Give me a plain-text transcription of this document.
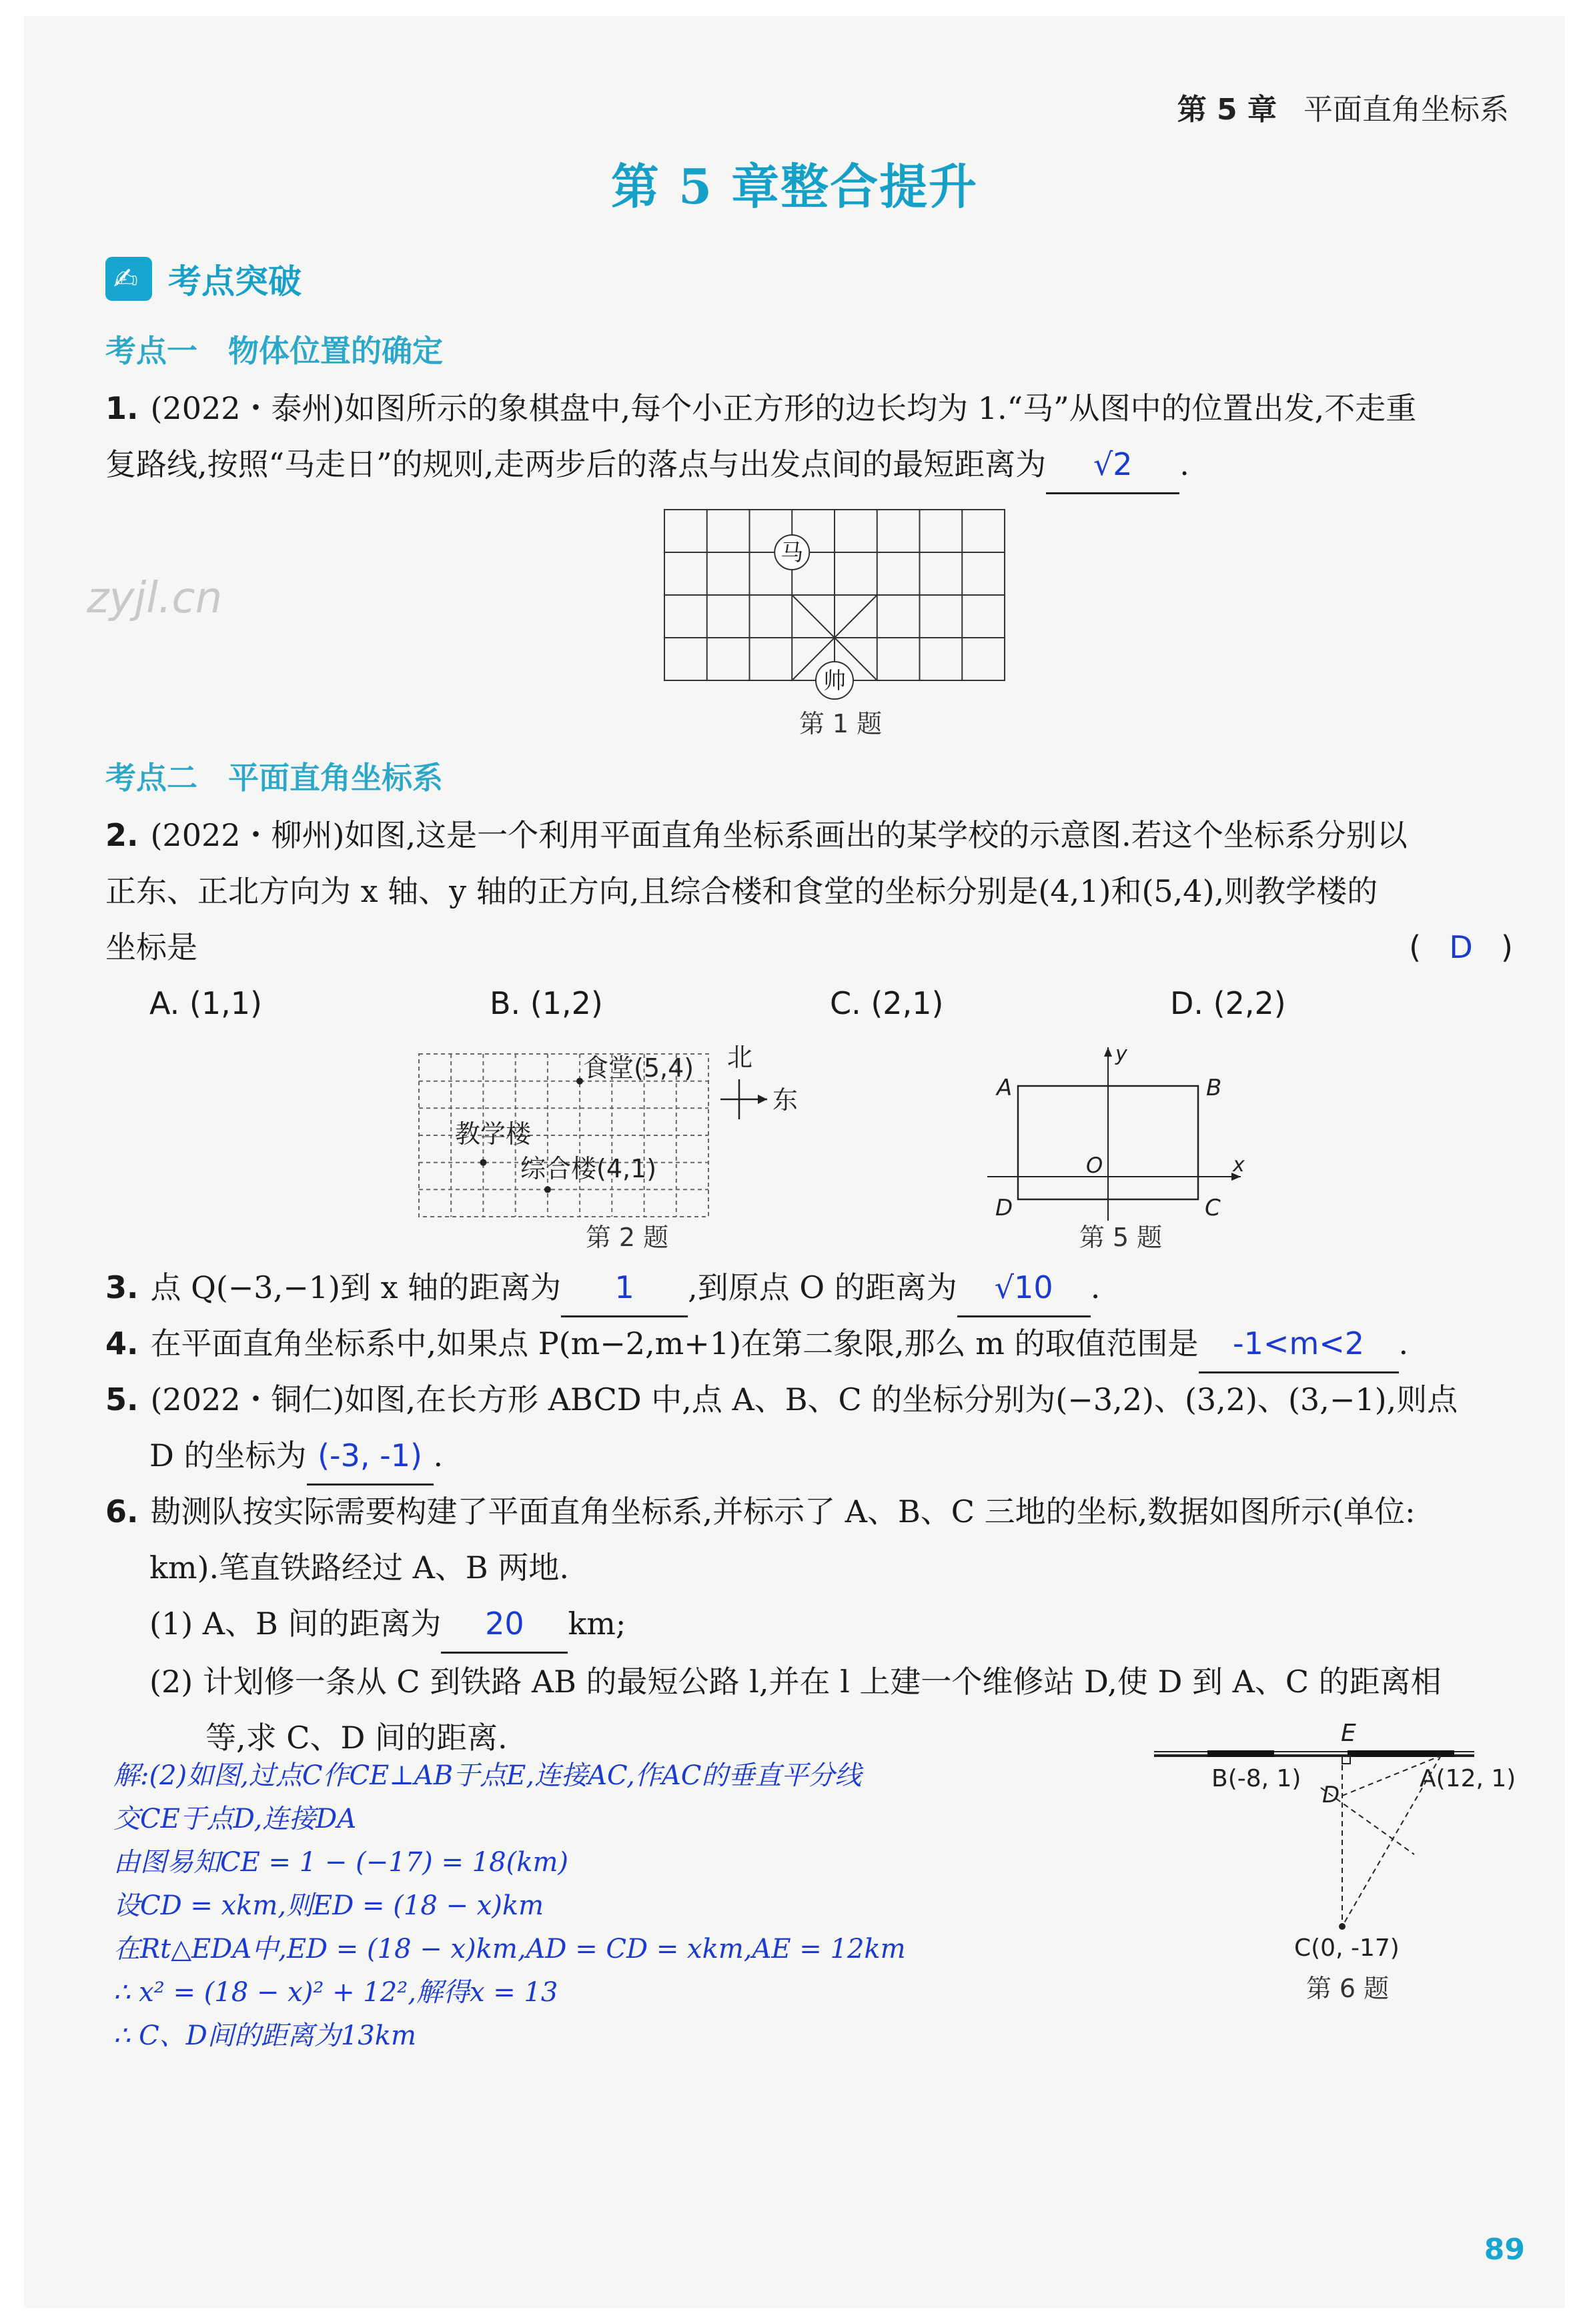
第 5 章 平面直角坐标系
第 5 章整合提升
✍ 考点突破
考点一　物体位置的确定
1. (2022・泰州)如图所示的象棋盘中,每个小正方形的边长均为 1.“马”从图中的位置出发,不走重
复路线,按照“马走日”的规则,走两步后的落点与出发点间的最短距离为 √2 .
zyjl.cn
马
帅
第 1 题
考点二　平面直角坐标系
2. (2022・柳州)如图,这是一个利用平面直角坐标系画出的某学校的示意图.若这个坐标系分别以
正东、正北方向为 x 轴、y 轴的正方向,且综合楼和食堂的坐标分别是(4,1)和(5,4),则教学楼的
坐标是	( D )
A. (1,1)	B. (1,2)	C. (2,1)	D. (2,2)
食堂(5,4)
教学楼
综合楼(4,1)
北
东
第 2 题
A	B
C
D
O	x
y
第 5 题
3. 点 Q(−3,−1)到 x 轴的距离为 1 ,到原点 O 的距离为 √10 .
4. 在平面直角坐标系中,如果点 P(m−2,m+1)在第二象限,那么 m 的取值范围是 -1<m<2 .
5. (2022・铜仁)如图,在长方形 ABCD 中,点 A、B、C 的坐标分别为(−3,2)、(3,2)、(3,−1),则点
D 的坐标为 (-3, -1) .
6. 勘测队按实际需要构建了平面直角坐标系,并标示了 A、B、C 三地的坐标,数据如图所示(单位:
km).笔直铁路经过 A、B 两地.
(1) A、B 间的距离为 20 km;
(2) 计划修一条从 C 到铁路 AB 的最短公路 l,并在 l 上建一个维修站 D,使 D 到 A、C 的距离相
等,求 C、D 间的距离.	E
B(-8, 1)	A(12, 1)
D
C(0, -17)
第 6 题
解:(2)如图,过点C作CE⊥AB于点E,连接AC,作AC的垂直平分线
交CE于点D,连接DA
由图易知CE = 1 − (−17) = 18(km)
设CD = xkm,则ED = (18 − x)km
在Rt△EDA中,ED = (18 − x)km,AD = CD = xkm,AE = 12km
∴ x² = (18 − x)² + 12²,解得x = 13
∴ C、D间的距离为13km
89
